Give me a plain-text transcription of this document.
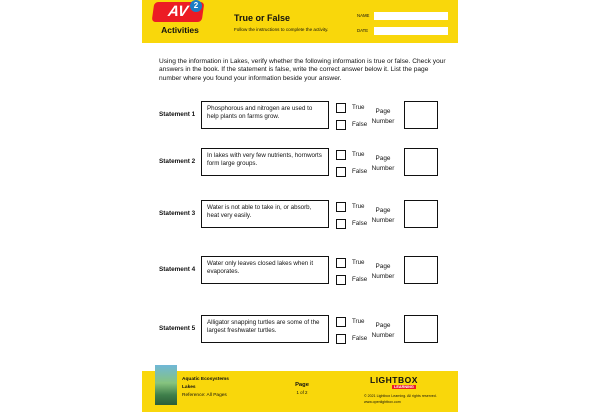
AV 2
Activities
True or False
Follow the instructions to complete the activity.
NAME
DATE
Using the information in Lakes, verify whether the following information is true or false. Check your answers in the book. If the statement is false, write the correct answer below it. List the page number where you found your information beside your answer.
Statement 1
Phosphorous and nitrogen are used to help plants on farms grow.
True
False
Page Number
Statement 2
In lakes with very few nutrients, hornworts form large groups.
True
False
Page Number
Statement 3
Water is not able to take in, or absorb, heat very easily.
True
False
Page Number
Statement 4
Water only leaves closed lakes when it evaporates.
True
False
Page Number
Statement 5
Alligator snapping turtles are some of the largest freshwater turtles.
True
False
Page Number
Aquatic Ecosystems
Lakes
Reference: All Pages
Page
1 of 2
LIGHTBOX
LEARNING
© 2021 Lightbox Learning. All rights reserved.
www.openlightbox.com
